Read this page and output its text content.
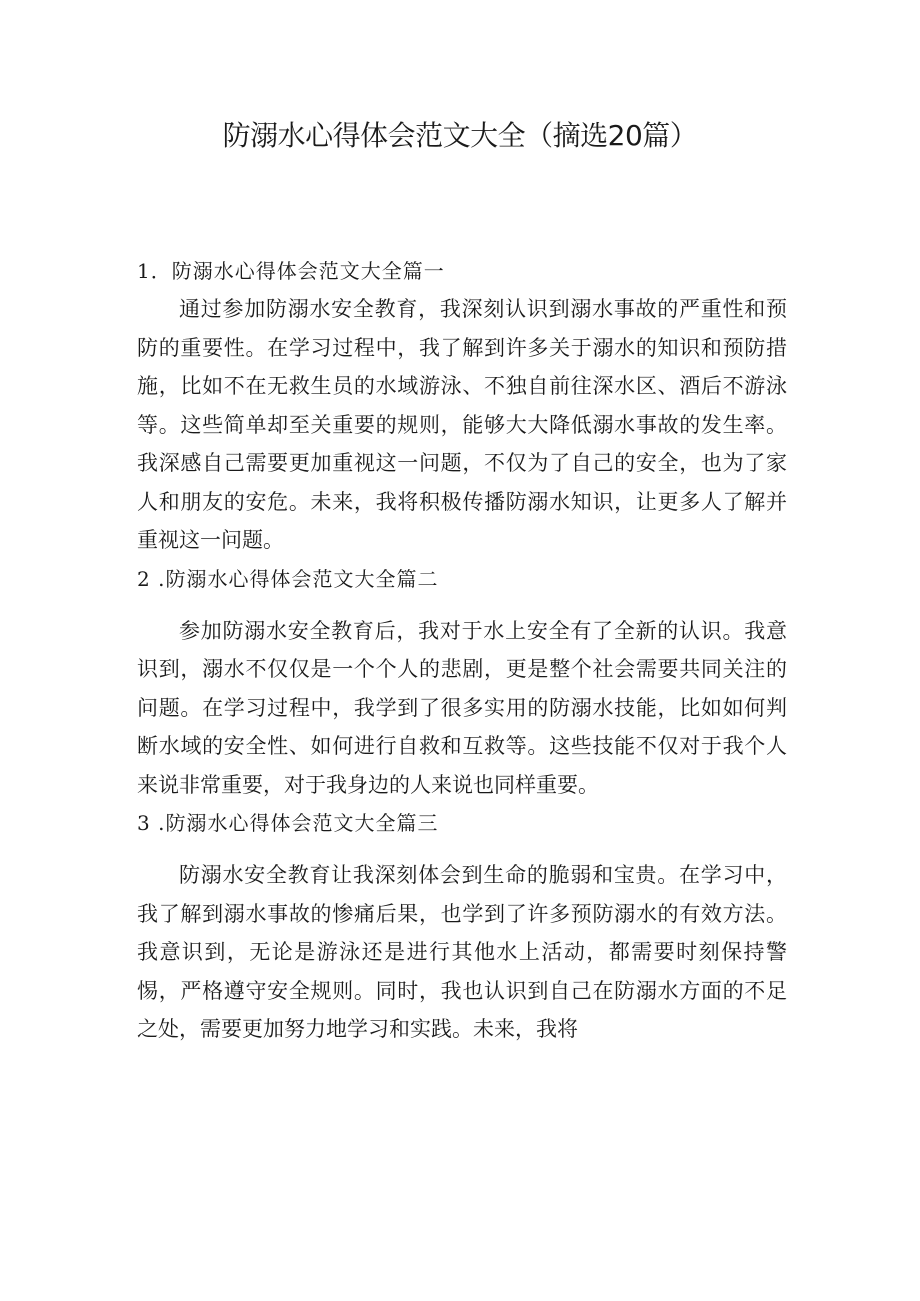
防溺水心得体会范文大全（摘选20篇）

1．防溺水心得体会范文大全篇一

通过参加防溺水安全教育，我深刻认识到溺水事故的严重性和预防的重要性。在学习过程中，我了解到许多关于溺水的知识和预防措施，比如不在无救生员的水域游泳、不独自前往深水区、酒后不游泳等。这些简单却至关重要的规则，能够大大降低溺水事故的发生率。我深感自己需要更加重视这一问题，不仅为了自己的安全，也为了家人和朋友的安危。未来，我将积极传播防溺水知识，让更多人了解并重视这一问题。

2 .防溺水心得体会范文大全篇二

参加防溺水安全教育后，我对于水上安全有了全新的认识。我意识到，溺水不仅仅是一个个人的悲剧，更是整个社会需要共同关注的问题。在学习过程中，我学到了很多实用的防溺水技能，比如如何判断水域的安全性、如何进行自救和互救等。这些技能不仅对于我个人来说非常重要，对于我身边的人来说也同样重要。

3 .防溺水心得体会范文大全篇三

防溺水安全教育让我深刻体会到生命的脆弱和宝贵。在学习中，我了解到溺水事故的惨痛后果，也学到了许多预防溺水的有效方法。我意识到，无论是游泳还是进行其他水上活动，都需要时刻保持警惕，严格遵守安全规则。同时，我也认识到自己在防溺水方面的不足之处，需要更加努力地学习和实践。未来，我将
